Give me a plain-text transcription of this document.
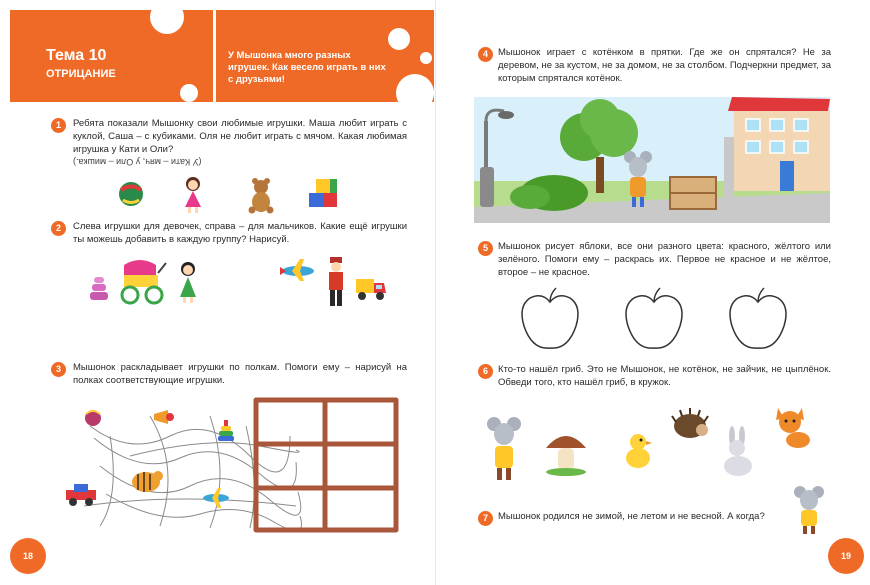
Тема 10
ОТРИЦАНИЕ
У Мышонка много разных игрушек. Как весело играть в них с друзьями!
1	Ребята показали Мышонку свои любимые игрушки. Маша любит играть с куклой, Саша – с кубиками. Оля не любит играть с мячом. Какая любимая игрушка у Кати и Оли?
(У Кати – мяч, у Оли – мишка.)
2	Слева игрушки для девочек, справа – для мальчиков. Какие ещё игрушки ты можешь добавить в каждую группу? Нарисуй.
3	Мышонок раскладывает игрушки по полкам. Помоги ему – нарисуй на полках соответствующие игрушки.
18
4	Мышонок играет с котёнком в прятки. Где же он спрятался? Не за деревом, не за кустом, не за домом, не за столбом. Подчеркни предмет, за которым спрятался котёнок.
5	Мышонок рисует яблоки, все они разного цвета: красного, жёлтого или зелёного. Помоги ему – раскрась их. Первое не красное и не жёлтое, второе – не красное.
6	Кто-то нашёл гриб. Это не Мышонок, не котёнок, не зайчик, не цыплёнок. Обведи того, кто нашёл гриб, в кружок.
7	Мышонок родился не зимой, не летом и не весной. А когда?
19
